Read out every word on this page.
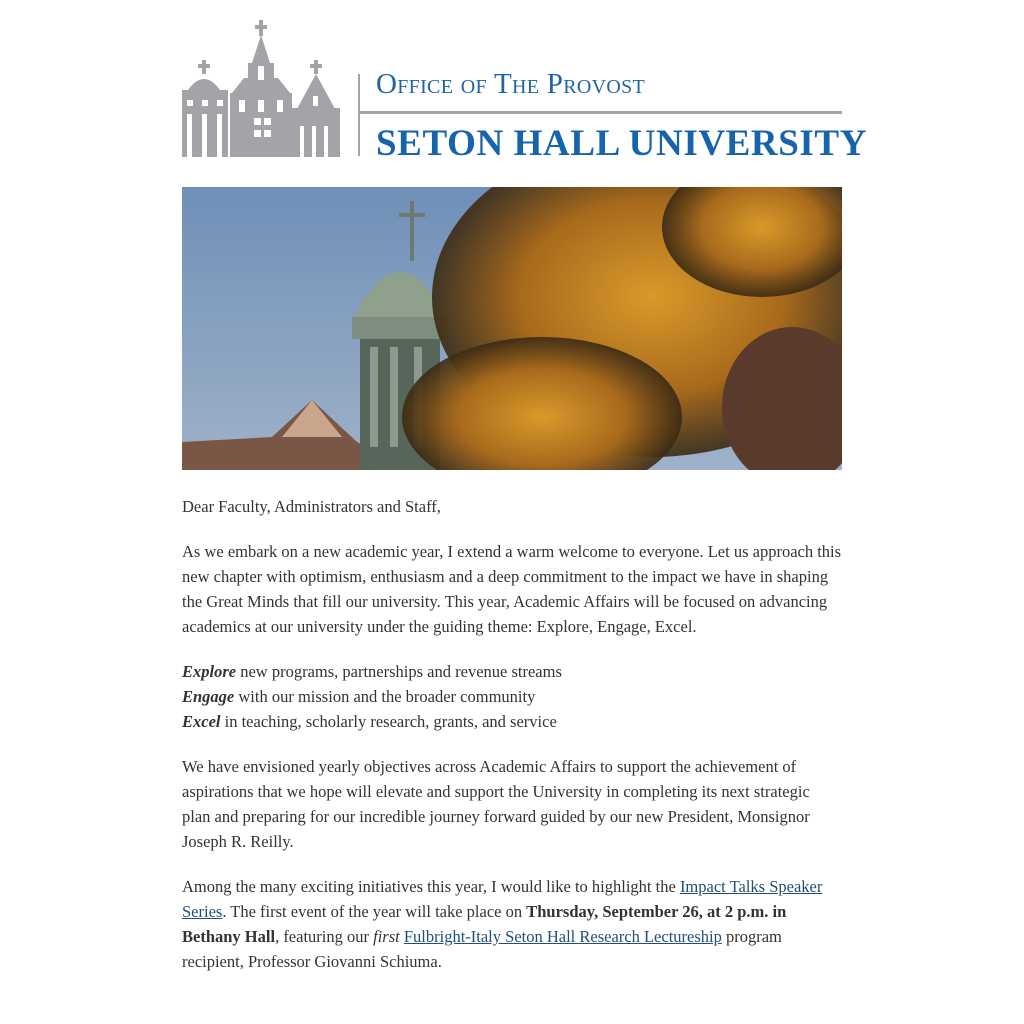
Office of The Provost
SETON HALL UNIVERSITY

Dear Faculty, Administrators and Staff,

As we embark on a new academic year, I extend a warm welcome to everyone. Let us approach this new chapter with optimism, enthusiasm and a deep commitment to the impact we have in shaping the Great Minds that fill our university. This year, Academic Affairs will be focused on advancing academics at our university under the guiding theme: Explore, Engage, Excel.

Explore new programs, partnerships and revenue streams
Engage with our mission and the broader community
Excel in teaching, scholarly research, grants, and service

We have envisioned yearly objectives across Academic Affairs to support the achievement of aspirations that we hope will elevate and support the University in completing its next strategic plan and preparing for our incredible journey forward guided by our new President, Monsignor Joseph R. Reilly.

Among the many exciting initiatives this year, I would like to highlight the Impact Talks Speaker Series. The first event of the year will take place on Thursday, September 26, at 2 p.m. in Bethany Hall, featuring our first Fulbright-Italy Seton Hall Research Lectureship program recipient, Professor Giovanni Schiuma.
